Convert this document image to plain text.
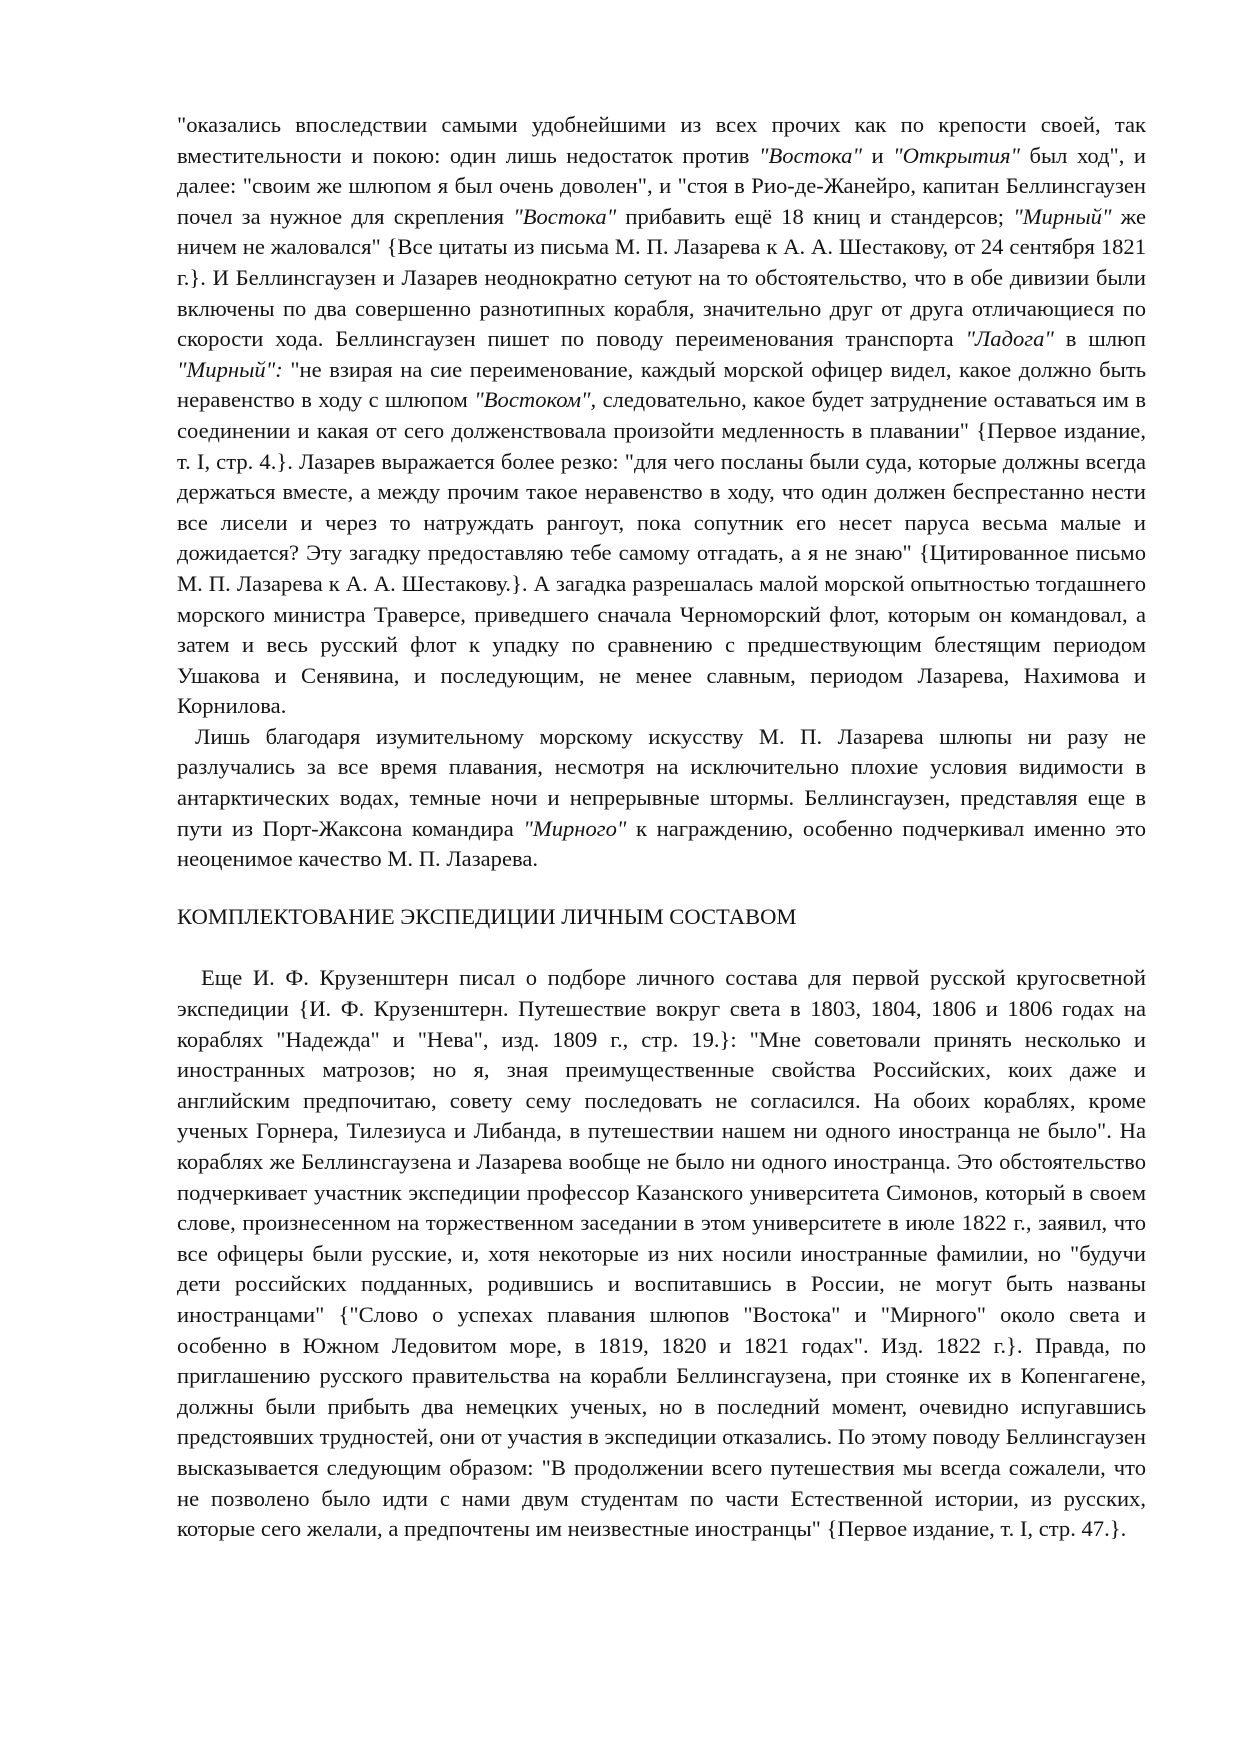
"оказались впоследствии самыми удобнейшими из всех прочих как по крепости своей, так вместительности и покою: один лишь недостаток против "Востока" и "Открытия" был ход", и далее: "своим же шлюпом я был очень доволен", и "стоя в Рио-де-Жанейро, капитан Беллинсгаузен почел за нужное для скрепления "Востока" прибавить ещё 18 книц и стандерсов; "Мирный" же ничем не жаловался" {Все цитаты из письма М. П. Лазарева к А. А. Шестакову, от 24 сентября 1821 г.}. И Беллинсгаузен и Лазарев неоднократно сетуют на то обстоятельство, что в обе дивизии были включены по два совершенно разнотипных корабля, значительно друг от друга отличающиеся по скорости хода. Беллинсгаузен пишет по поводу переименования транспорта "Ладога" в шлюп "Мирный": "не взирая на сие переименование, каждый морской офицер видел, какое должно быть неравенство в ходу с шлюпом "Востоком", следовательно, какое будет затруднение оставаться им в соединении и какая от сего долженствовала произойти медленность в плавании" {Первое издание, т. I, стр. 4.}. Лазарев выражается более резко: "для чего посланы были суда, которые должны всегда держаться вместе, а между прочим такое неравенство в ходу, что один должен беспрестанно нести все лисели и через то натруждать рангоут, пока сопутник его несет паруса весьма малые и дожидается? Эту загадку предоставляю тебе самому отгадать, а я не знаю" {Цитированное письмо М. П. Лазарева к А. А. Шестакову.}. А загадка разрешалась малой морской опытностью тогдашнего морского министра Траверсе, приведшего сначала Черноморский флот, которым он командовал, а затем и весь русский флот к упадку по сравнению с предшествующим блестящим периодом Ушакова и Сенявина, и последующим, не менее славным, периодом Лазарева, Нахимова и Корнилова.

Лишь благодаря изумительному морскому искусству М. П. Лазарева шлюпы ни разу не разлучались за все время плавания, несмотря на исключительно плохие условия видимости в антарктических водах, темные ночи и непрерывные штормы. Беллинсгаузен, представляя еще в пути из Порт-Жаксона командира "Мирного" к награждению, особенно подчеркивал именно это неоценимое качество М. П. Лазарева.

КОМПЛЕКТОВАНИЕ ЭКСПЕДИЦИИ ЛИЧНЫМ СОСТАВОМ

Еще И. Ф. Крузенштерн писал о подборе личного состава для первой русской кругосветной экспедиции {И. Ф. Крузенштерн. Путешествие вокруг света в 1803, 1804, 1806 и 1806 годах на кораблях "Надежда" и "Нева", изд. 1809 г., стр. 19.}: "Мне советовали принять несколько и иностранных матрозов; но я, зная преимущественные свойства Российских, коих даже и английским предпочитаю, совету сему последовать не согласился. На обоих кораблях, кроме ученых Горнера, Тилезиуса и Либанда, в путешествии нашем ни одного иностранца не было". На кораблях же Беллинсгаузена и Лазарева вообще не было ни одного иностранца. Это обстоятельство подчеркивает участник экспедиции профессор Казанского университета Симонов, который в своем слове, произнесенном на торжественном заседании в этом университете в июле 1822 г., заявил, что все офицеры были русские, и, хотя некоторые из них носили иностранные фамилии, но "будучи дети российских подданных, родившись и воспитавшись в России, не могут быть названы иностранцами" {"Слово о успехах плавания шлюпов "Востока" и "Мирного" около света и особенно в Южном Ледовитом море, в 1819, 1820 и 1821 годах". Изд. 1822 г.}. Правда, по приглашению русского правительства на корабли Беллинсгаузена, при стоянке их в Копенгагене, должны были прибыть два немецких ученых, но в последний момент, очевидно испугавшись предстоявших трудностей, они от участия в экспедиции отказались. По этому поводу Беллинсгаузен высказывается следующим образом: "В продолжении всего путешествия мы всегда сожалели, что не позволено было идти с нами двум студентам по части Естественной истории, из русских, которые сего желали, а предпочтены им неизвестные иностранцы" {Первое издание, т. I, стр. 47.}.
